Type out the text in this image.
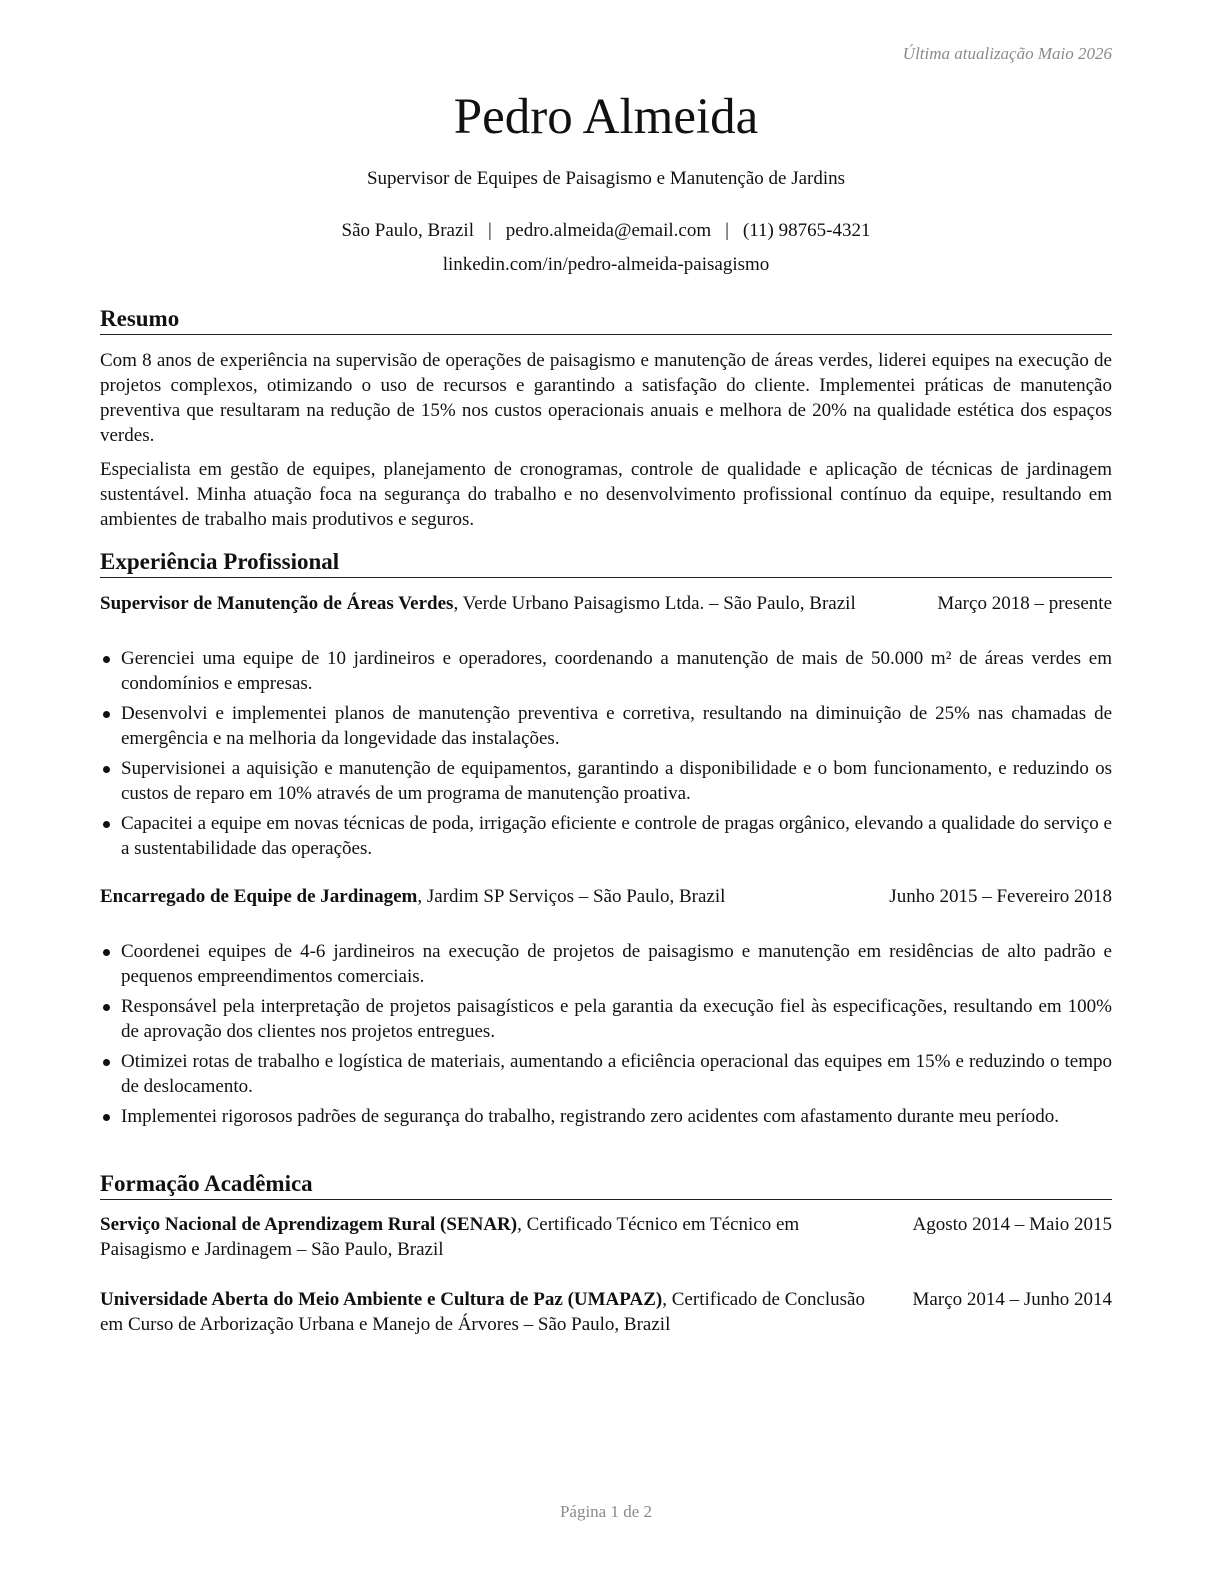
Última atualização Maio 2026
Pedro Almeida
Supervisor de Equipes de Paisagismo e Manutenção de Jardins
São Paulo, Brazil | pedro.almeida@email.com | (11) 98765-4321
linkedin.com/in/pedro-almeida-paisagismo
Resumo
Com 8 anos de experiência na supervisão de operações de paisagismo e manutenção de áreas verdes, liderei equipes na execução de projetos complexos, otimizando o uso de recursos e garantindo a satisfação do cliente. Implementei práticas de manutenção preventiva que resultaram na redução de 15% nos custos operacionais anuais e melhora de 20% na qualidade estética dos espaços verdes.
Especialista em gestão de equipes, planejamento de cronogramas, controle de qualidade e aplicação de técnicas de jardinagem sustentável. Minha atuação foca na segurança do trabalho e no desenvolvimento profissional contínuo da equipe, resultando em ambientes de trabalho mais produtivos e seguros.
Experiência Profissional
Supervisor de Manutenção de Áreas Verdes, Verde Urbano Paisagismo Ltda. – São Paulo, Brazil	Março 2018 – presente
Gerenciei uma equipe de 10 jardineiros e operadores, coordenando a manutenção de mais de 50.000 m² de áreas verdes em condomínios e empresas.
Desenvolvi e implementei planos de manutenção preventiva e corretiva, resultando na diminuição de 25% nas chamadas de emergência e na melhoria da longevidade das instalações.
Supervisionei a aquisição e manutenção de equipamentos, garantindo a disponibilidade e o bom funcionamento, e reduzindo os custos de reparo em 10% através de um programa de manutenção proativa.
Capacitei a equipe em novas técnicas de poda, irrigação eficiente e controle de pragas orgânico, elevando a qualidade do serviço e a sustentabilidade das operações.
Encarregado de Equipe de Jardinagem, Jardim SP Serviços – São Paulo, Brazil	Junho 2015 – Fevereiro 2018
Coordenei equipes de 4-6 jardineiros na execução de projetos de paisagismo e manutenção em residências de alto padrão e pequenos empreendimentos comerciais.
Responsável pela interpretação de projetos paisagísticos e pela garantia da execução fiel às especificações, resultando em 100% de aprovação dos clientes nos projetos entregues.
Otimizei rotas de trabalho e logística de materiais, aumentando a eficiência operacional das equipes em 15% e reduzindo o tempo de deslocamento.
Implementei rigorosos padrões de segurança do trabalho, registrando zero acidentes com afastamento durante meu período.
Formação Acadêmica
Serviço Nacional de Aprendizagem Rural (SENAR), Certificado Técnico em Técnico em Paisagismo e Jardinagem – São Paulo, Brazil
Agosto 2014 – Maio 2015
Universidade Aberta do Meio Ambiente e Cultura de Paz (UMAPAZ), Certificado de Conclusão em Curso de Arborização Urbana e Manejo de Árvores – São Paulo, Brazil
Março 2014 – Junho 2014
Página 1 de 2
